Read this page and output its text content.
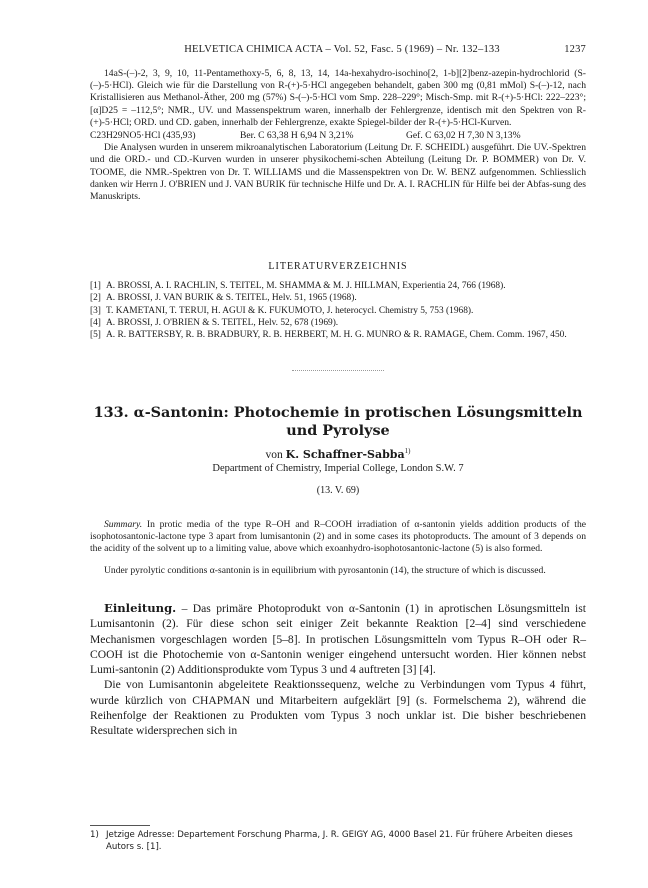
HELVETICA CHIMICA ACTA – Vol. 52, Fasc. 5 (1969) – Nr. 132–133	1237

14aS-(–)-2, 3, 9, 10, 11-Pentamethoxy-5, 6, 8, 13, 14, 14a-hexahydro-isochino[2, 1-b][2]benz-azepin-hydrochlorid (S-(–)-5·HCl). Gleich wie für die Darstellung von R-(+)-5·HCl angegeben behandelt, gaben 300 mg (0,81 mMol) S-(–)-12, nach Kristallisieren aus Methanol-Äther, 200 mg (57%) S-(–)-5·HCl vom Smp. 228–229°; Misch-Smp. mit R-(+)-5·HCl: 222–223°; [α]D25 = –112,5°; NMR., UV. und Massenspektrum waren, innerhalb der Fehlergrenze, identisch mit den Spektren von R-(+)-5·HCl; ORD. und CD. gaben, innerhalb der Fehlergrenze, exakte Spiegel-bilder der R-(+)-5·HCl-Kurven.

C23H29NO5·HCl (435,93)	Ber. C 63,38 H 6,94 N 3,21%	Gef. C 63,02 H 7,30 N 3,13%

Die Analysen wurden in unserem mikroanalytischen Laboratorium (Leitung Dr. F. SCHEIDL) ausgeführt. Die UV.-Spektren und die ORD.- und CD.-Kurven wurden in unserer physikochemi-schen Abteilung (Leitung Dr. P. BOMMER) von Dr. V. TOOME, die NMR.-Spektren von Dr. T. WILLIAMS und die Massenspektren von Dr. W. BENZ aufgenommen. Schliesslich danken wir Herrn J. O'BRIEN und J. VAN BURIK für technische Hilfe und Dr. A. I. RACHLIN für Hilfe bei der Abfas-sung des Manuskripts.

LITERATURVERZEICHNIS
[1] A. BROSSI, A. I. RACHLIN, S. TEITEL, M. SHAMMA & M. J. HILLMAN, Experientia 24, 766 (1968).
[2] A. BROSSI, J. VAN BURIK & S. TEITEL, Helv. 51, 1965 (1968).
[3] T. KAMETANI, T. TERUI, H. AGUI & K. FUKUMOTO, J. heterocycl. Chemistry 5, 753 (1968).
[4] A. BROSSI, J. O'BRIEN & S. TEITEL, Helv. 52, 678 (1969).
[5] A. R. BATTERSBY, R. B. BRADBURY, R. B. HERBERT, M. H. G. MUNRO & R. RAMAGE, Chem. Comm. 1967, 450.
133. α-Santonin: Photochemie in protischen Lösungsmitteln
und Pyrolyse
von K. Schaffner-Sabba$^{1)}$
Department of Chemistry, Imperial College, London S.W. 7
(13. V. 69)

Summary. In protic media of the type R–OH and R–COOH irradiation of α-santonin yields addition products of the isophotosantonic-lactone type 3 apart from lumisantonin (2) and in some cases its photoproducts. The amount of 3 depends on the acidity of the solvent up to a limiting value, above which exoanhydro-isophotosantonic-lactone (5) is also formed.

Under pyrolytic conditions α-santonin is in equilibrium with pyrosantonin (14), the structure of which is discussed.

Einleitung. – Das primäre Photoprodukt von α-Santonin (1) in aprotischen Lösungsmitteln ist Lumisantonin (2). Für diese schon seit einiger Zeit bekannte Reaktion [2–4] sind verschiedene Mechanismen vorgeschlagen worden [5–8]. In protischen Lösungsmitteln vom Typus R–OH oder R–COOH ist die Photochemie von α-Santonin weniger eingehend untersucht worden. Hier können nebst Lumi-santonin (2) Additionsprodukte vom Typus 3 und 4 auftreten [3] [4].

Die von Lumisantonin abgeleitete Reaktionssequenz, welche zu Verbindungen vom Typus 4 führt, wurde kürzlich von CHAPMAN und Mitarbeitern aufgeklärt [9] (s. Formelschema 2), während die Reihenfolge der Reaktionen zu Produkten vom Typus 3 noch unklar ist. Die bisher beschriebenen Resultate widersprechen sich in

1) Jetzige Adresse: Departement Forschung Pharma, J. R. GEIGY AG, 4000 Basel 21. Für frühere Arbeiten dieses Autors s. [1].
